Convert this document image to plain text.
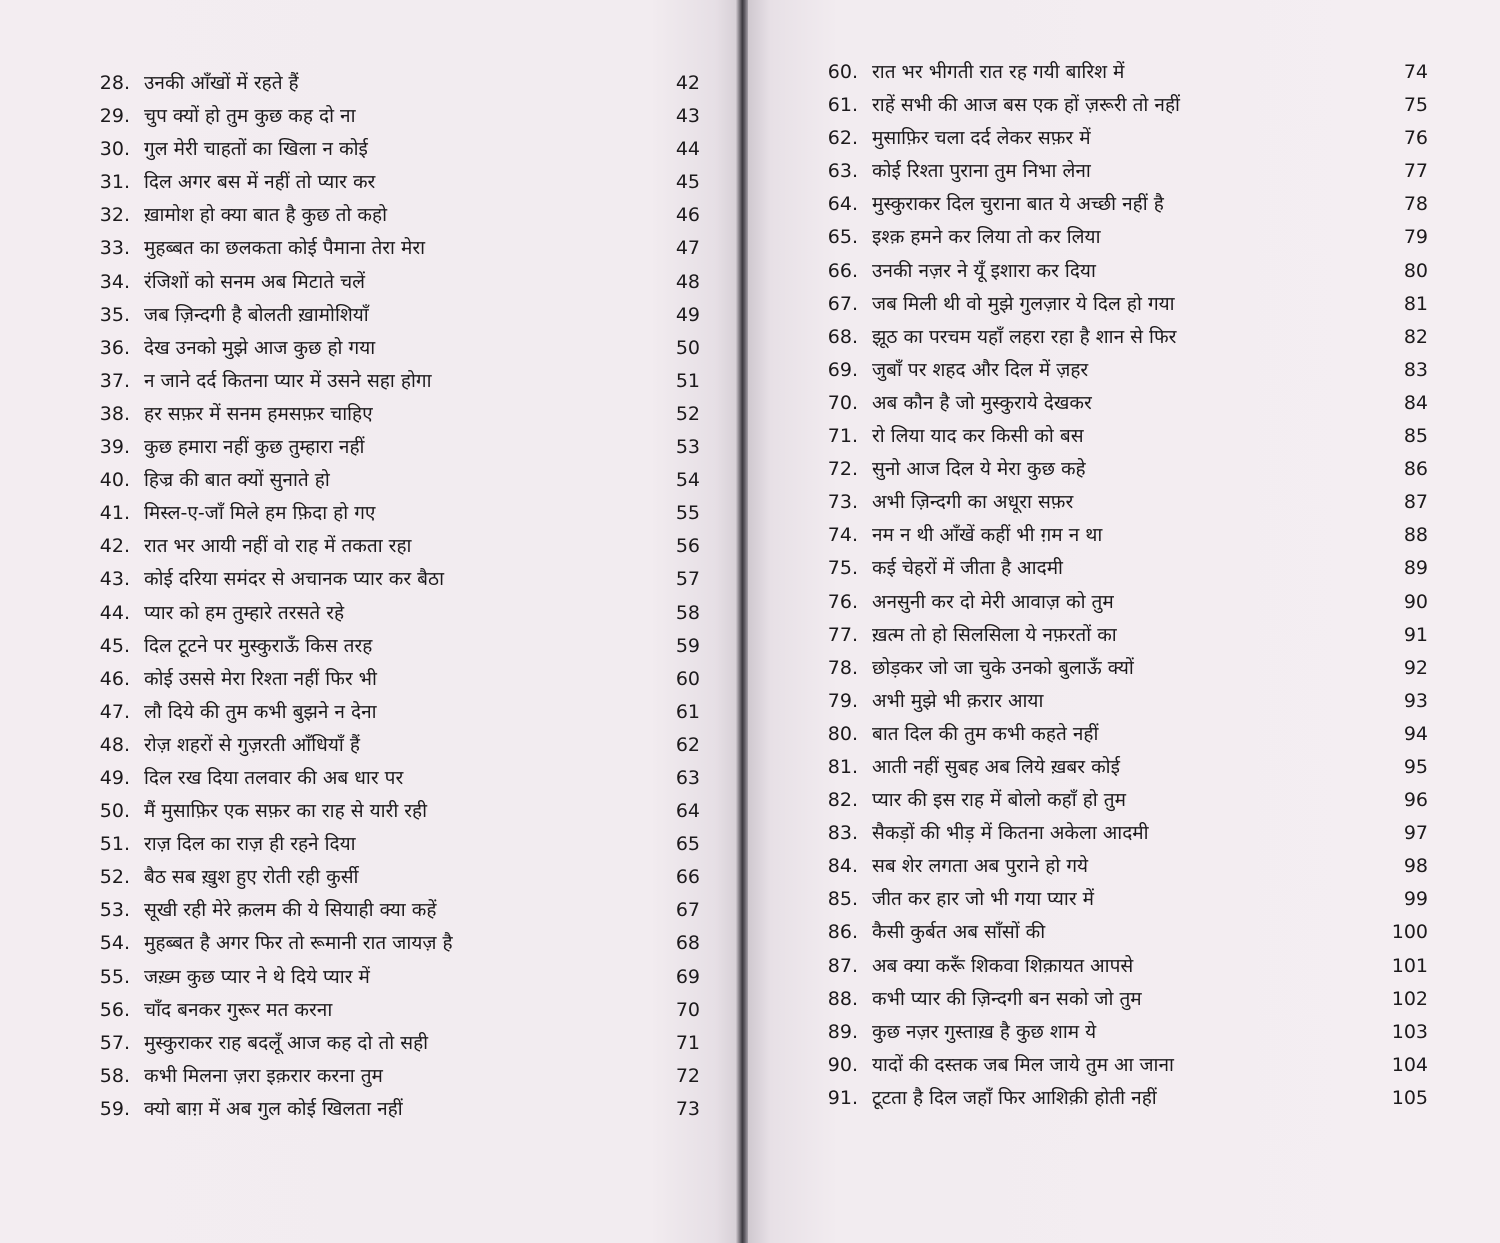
28. उनकी आँखों में रहते हैं	42
29. चुप क्यों हो तुम कुछ कह दो ना	43
30. गुल मेरी चाहतों का खिला न कोई	44
31. दिल अगर बस में नहीं तो प्यार कर	45
32. ख़ामोश हो क्या बात है कुछ तो कहो	46
33. मुहब्बत का छलकता कोई पैमाना तेरा मेरा	47
34. रंजिशों को सनम अब मिटाते चलें	48
35. जब ज़िन्दगी है बोलती ख़ामोशियाँ	49
36. देख उनको मुझे आज कुछ हो गया	50
37. न जाने दर्द कितना प्यार में उसने सहा होगा	51
38. हर सफ़र में सनम हमसफ़र चाहिए	52
39. कुछ हमारा नहीं कुछ तुम्हारा नहीं	53
40. हिज्र की बात क्यों सुनाते हो	54
41. मिस्ल-ए-जाँ मिले हम फ़िदा हो गए	55
42. रात भर आयी नहीं वो राह में तकता रहा	56
43. कोई दरिया समंदर से अचानक प्यार कर बैठा	57
44. प्यार को हम तुम्हारे तरसते रहे	58
45. दिल टूटने पर मुस्कुराऊँ किस तरह	59
46. कोई उससे मेरा रिश्ता नहीं फिर भी	60
47. लौ दिये की तुम कभी बुझने न देना	61
48. रोज़ शहरों से गुज़रती आँधियाँ हैं	62
49. दिल रख दिया तलवार की अब धार पर	63
50. मैं मुसाफ़िर एक सफ़र का राह से यारी रही	64
51. राज़ दिल का राज़ ही रहने दिया	65
52. बैठ सब ख़ुश हुए रोती रही कुर्सी	66
53. सूखी रही मेरे क़लम की ये सियाही क्या कहें	67
54. मुहब्बत है अगर फिर तो रूमानी रात जायज़ है	68
55. जख़्म कुछ प्यार ने थे दिये प्यार में	69
56. चाँद बनकर गुरूर मत करना	70
57. मुस्कुराकर राह बदलूँ आज कह दो तो सही	71
58. कभी मिलना ज़रा इक़रार करना तुम	72
59. क्यो बाग़ में अब गुल कोई खिलता नहीं	73
60. रात भर भीगती रात रह गयी बारिश में	74
61. राहें सभी की आज बस एक हों ज़रूरी तो नहीं	75
62. मुसाफ़िर चला दर्द लेकर सफ़र में	76
63. कोई रिश्ता पुराना तुम निभा लेना	77
64. मुस्कुराकर दिल चुराना बात ये अच्छी नहीं है	78
65. इश्क़ हमने कर लिया तो कर लिया	79
66. उनकी नज़र ने यूँ इशारा कर दिया	80
67. जब मिली थी वो मुझे गुलज़ार ये दिल हो गया	81
68. झूठ का परचम यहाँ लहरा रहा है शान से फिर	82
69. जुबाँ पर शहद और दिल में ज़हर	83
70. अब कौन है जो मुस्कुराये देखकर	84
71. रो लिया याद कर किसी को बस	85
72. सुनो आज दिल ये मेरा कुछ कहे	86
73. अभी ज़िन्दगी का अधूरा सफ़र	87
74. नम न थी आँखें कहीं भी ग़म न था	88
75. कई चेहरों में जीता है आदमी	89
76. अनसुनी कर दो मेरी आवाज़ को तुम	90
77. ख़त्म तो हो सिलसिला ये नफ़रतों का	91
78. छोड़कर जो जा चुके उनको बुलाऊँ क्यों	92
79. अभी मुझे भी क़रार आया	93
80. बात दिल की तुम कभी कहते नहीं	94
81. आती नहीं सुबह अब लिये ख़बर कोई	95
82. प्यार की इस राह में बोलो कहाँ हो तुम	96
83. सैकड़ों की भीड़ में कितना अकेला आदमी	97
84. सब शेर लगता अब पुराने हो गये	98
85. जीत कर हार जो भी गया प्यार में	99
86. कैसी कुर्बत अब साँसों की	100
87. अब क्या करूँ शिकवा शिक़ायत आपसे	101
88. कभी प्यार की ज़िन्दगी बन सको जो तुम	102
89. कुछ नज़र गुस्ताख़ है कुछ शाम ये	103
90. यादों की दस्तक जब मिल जाये तुम आ जाना	104
91. टूटता है दिल जहाँ फिर आशिक़ी होती नहीं	105
